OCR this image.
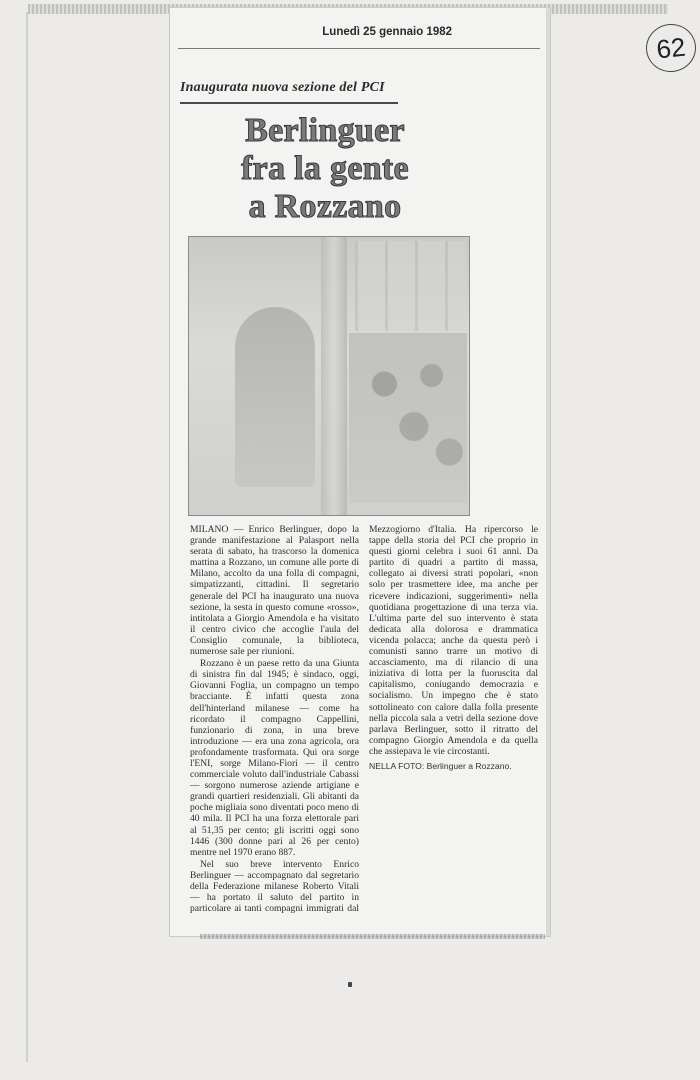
62
Lunedì 25 gennaio 1982
Inaugurata nuova sezione del PCI
Berlinguer
fra la gente
a Rozzano

MILANO — Enrico Berlinguer, dopo la grande manifestazione al Palasport nella serata di sabato, ha trascorso la domenica mattina a Rozzano, un comune alle porte di Milano, accolto da una folla di compagni, simpatizzanti, cittadini. Il segretario generale del PCI ha inaugurato una nuova sezione, la sesta in questo comune «rosso», intitolata a Giorgio Amendola e ha visitato il centro civico che accoglie l'aula del Consiglio comunale, la biblioteca, numerose sale per riunioni.

Rozzano è un paese retto da una Giunta di sinistra fin dal 1945; è sindaco, oggi, Giovanni Foglia, un compagno un tempo bracciante. È infatti questa zona dell'hinterland milanese — come ha ricordato il compagno Cappellini, funzionario di zona, in una breve introduzione — era una zona agricola, ora profondamente trasformata. Qui ora sorge l'ENI, sorge Milano-Fiori — il centro commerciale voluto dall'industriale Cabassi — sorgono numerose aziende artigiane e grandi quartieri residenziali. Gli abitanti da poche migliaia sono diventati poco meno di 40 mila. Il PCI ha una forza elettorale pari al 51,35 per cento; gli iscritti oggi sono 1446 (300 donne pari al 26 per cento) mentre nel 1970 erano 887.

Nel suo breve intervento Enrico Berlinguer — accompagnato dal segretario della Federazione milanese Roberto Vitali — ha portato il saluto del partito in particolare ai tanti compagni immigrati dal Mezzogiorno d'Italia. Ha ripercorso le tappe della storia del PCI che proprio in questi giorni celebra i suoi 61 anni. Da partito di quadri a partito di massa, collegato ai diversi strati popolari, «non solo per trasmettere idee, ma anche per ricevere indicazioni, suggerimenti» nella quotidiana progettazione di una terza via. L'ultima parte del suo intervento è stata dedicata alla dolorosa e drammatica vicenda polacca; anche da questa però i comunisti sanno trarre un motivo di accasciamento, ma di rilancio di una iniziativa di lotta per la fuoruscita dal capitalismo, coniugando democrazia e socialismo. Un impegno che è stato sottolineato con calore dalla folla presente nella piccola sala a vetri della sezione dove parlava Berlinguer, sotto il ritratto del compagno Giorgio Amendola e da quella che assiepava le vie circostanti.

NELLA FOTO: Berlinguer a Rozzano.
